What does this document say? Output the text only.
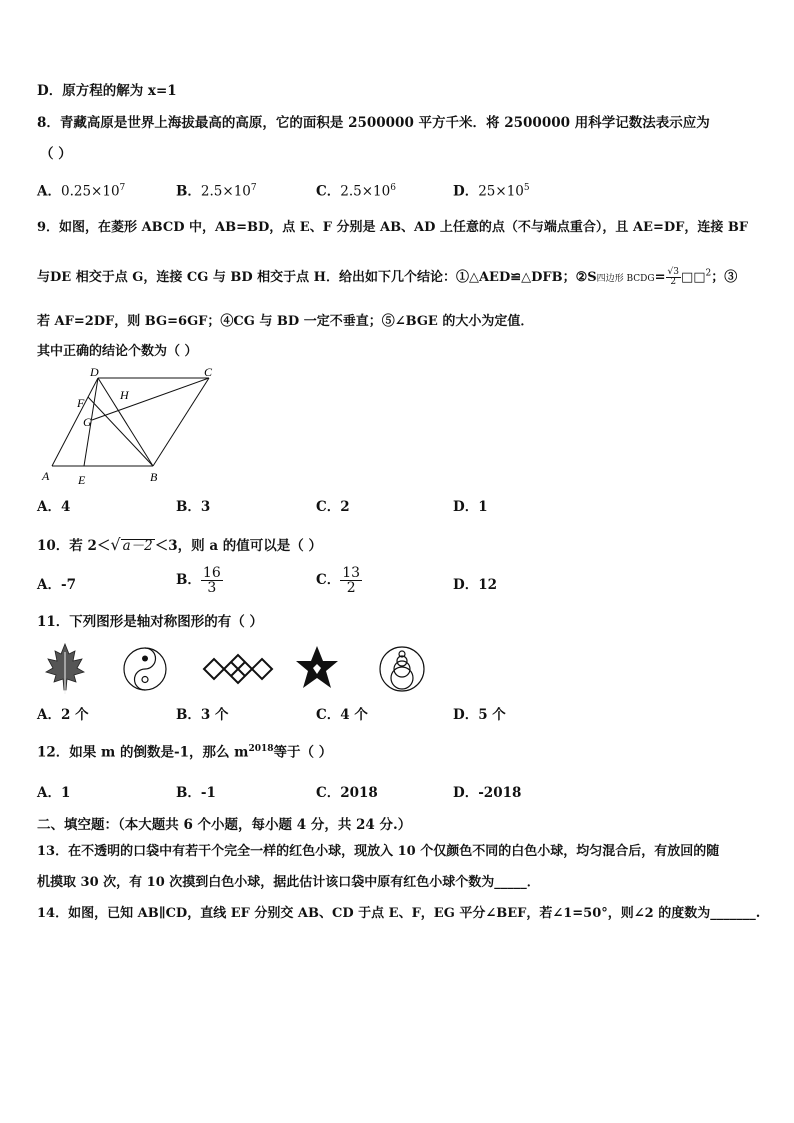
D．原方程的解为 x=1
8．青藏高原是世界上海拔最高的高原，它的面积是 2500000 平方千米．将 2500000 用科学记数法表示应为
（ ）
A．$0.25\times 10^7$	B．$2.5\times 10^7$	C．$2.5\times 10^6$	D．$25\times 10^5$
9．如图，在菱形 ABCD 中，AB=BD，点 E、F 分别是 AB、AD 上任意的点（不与端点重合），且 AE=DF，连接 BF
与DE 相交于点 G，连接 CG 与 BD 相交于点 H．给出如下几个结论：①△AED≌△DFB；②S四边形 BCDG= $\frac{√3}{2}$ □□$^2$；③
若 AF=2DF，则 BG=6GF；④CG 与 BD 一定不垂直；⑤∠BGE 的大小为定值．
其中正确的结论个数为（ ）
D	C
H
F
G
A E	B
A．4	B．3	C．2	D．1
10．若 2＜√ a－2 ＜3，则 a 的值可以是（ ）
A．-7	B． $\frac{16}{3}$	C． $\frac{13}{2}$	D．12
11．下列图形是轴对称图形的有（ ）
A．2 个	B．3 个	C．4 个	D．5 个
12．如果 m 的倒数是-1，那么 $m^{2018}$等于（ ）
A．1	B．-1	C．2018	D．-2018
二、填空题：（本大题共 6 个小题，每小题 4 分，共 24 分.）
13．在不透明的口袋中有若干个完全一样的红色小球，现放入 10 个仅颜色不同的白色小球，均匀混合后，有放回的随
机摸取 30 次，有 10 次摸到白色小球，据此估计该口袋中原有红色小球个数为_____．
14．如图，已知 AB∥CD，直线 EF 分别交 AB、CD 于点 E、F，EG 平分∠BEF，若∠1=50°，则∠2 的度数为_______.
